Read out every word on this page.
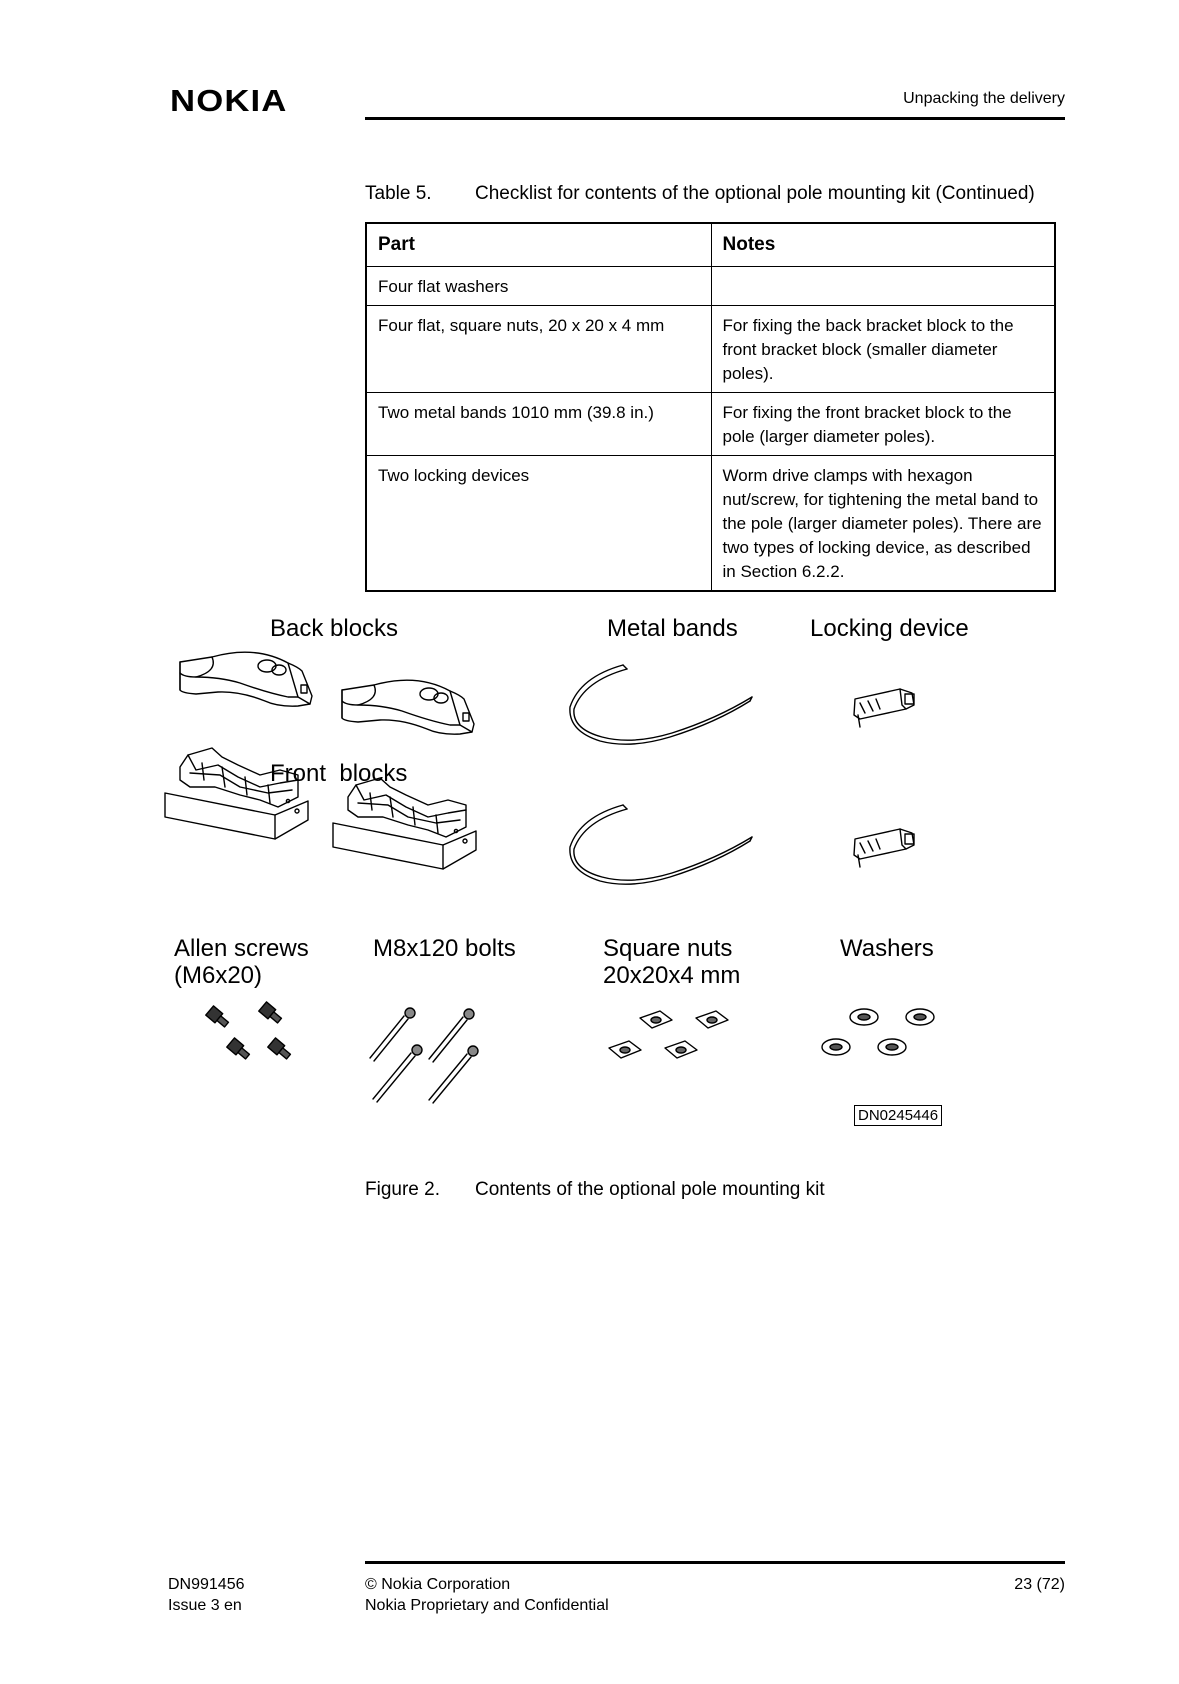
NOKIA	Unpacking the delivery
Table 5.	Checklist for contents of the optional pole mounting kit (Continued)
Part	Notes
Four flat washers	
Four flat, square nuts, 20 x 20 x 4 mm	For fixing the back bracket block to the front bracket block (smaller diameter poles).
Two metal bands 1010 mm (39.8 in.)	For fixing the front bracket block to the pole (larger diameter poles).
Two locking devices	Worm drive clamps with hexagon nut/screw, for tightening the metal band to the pole (larger diameter poles). There are two types of locking device, as described in Section 6.2.2.
Back blocks	Metal bands	Locking device
Front  blocks
Allen screws
(M6x20)
M8x120 bolts	Square nuts
20x20x4 mm
Washers
DN0245446
Figure 2.	Contents of the optional pole mounting kit
DN991456
Issue 3 en
© Nokia Corporation
Nokia Proprietary and Confidential
23 (72)
